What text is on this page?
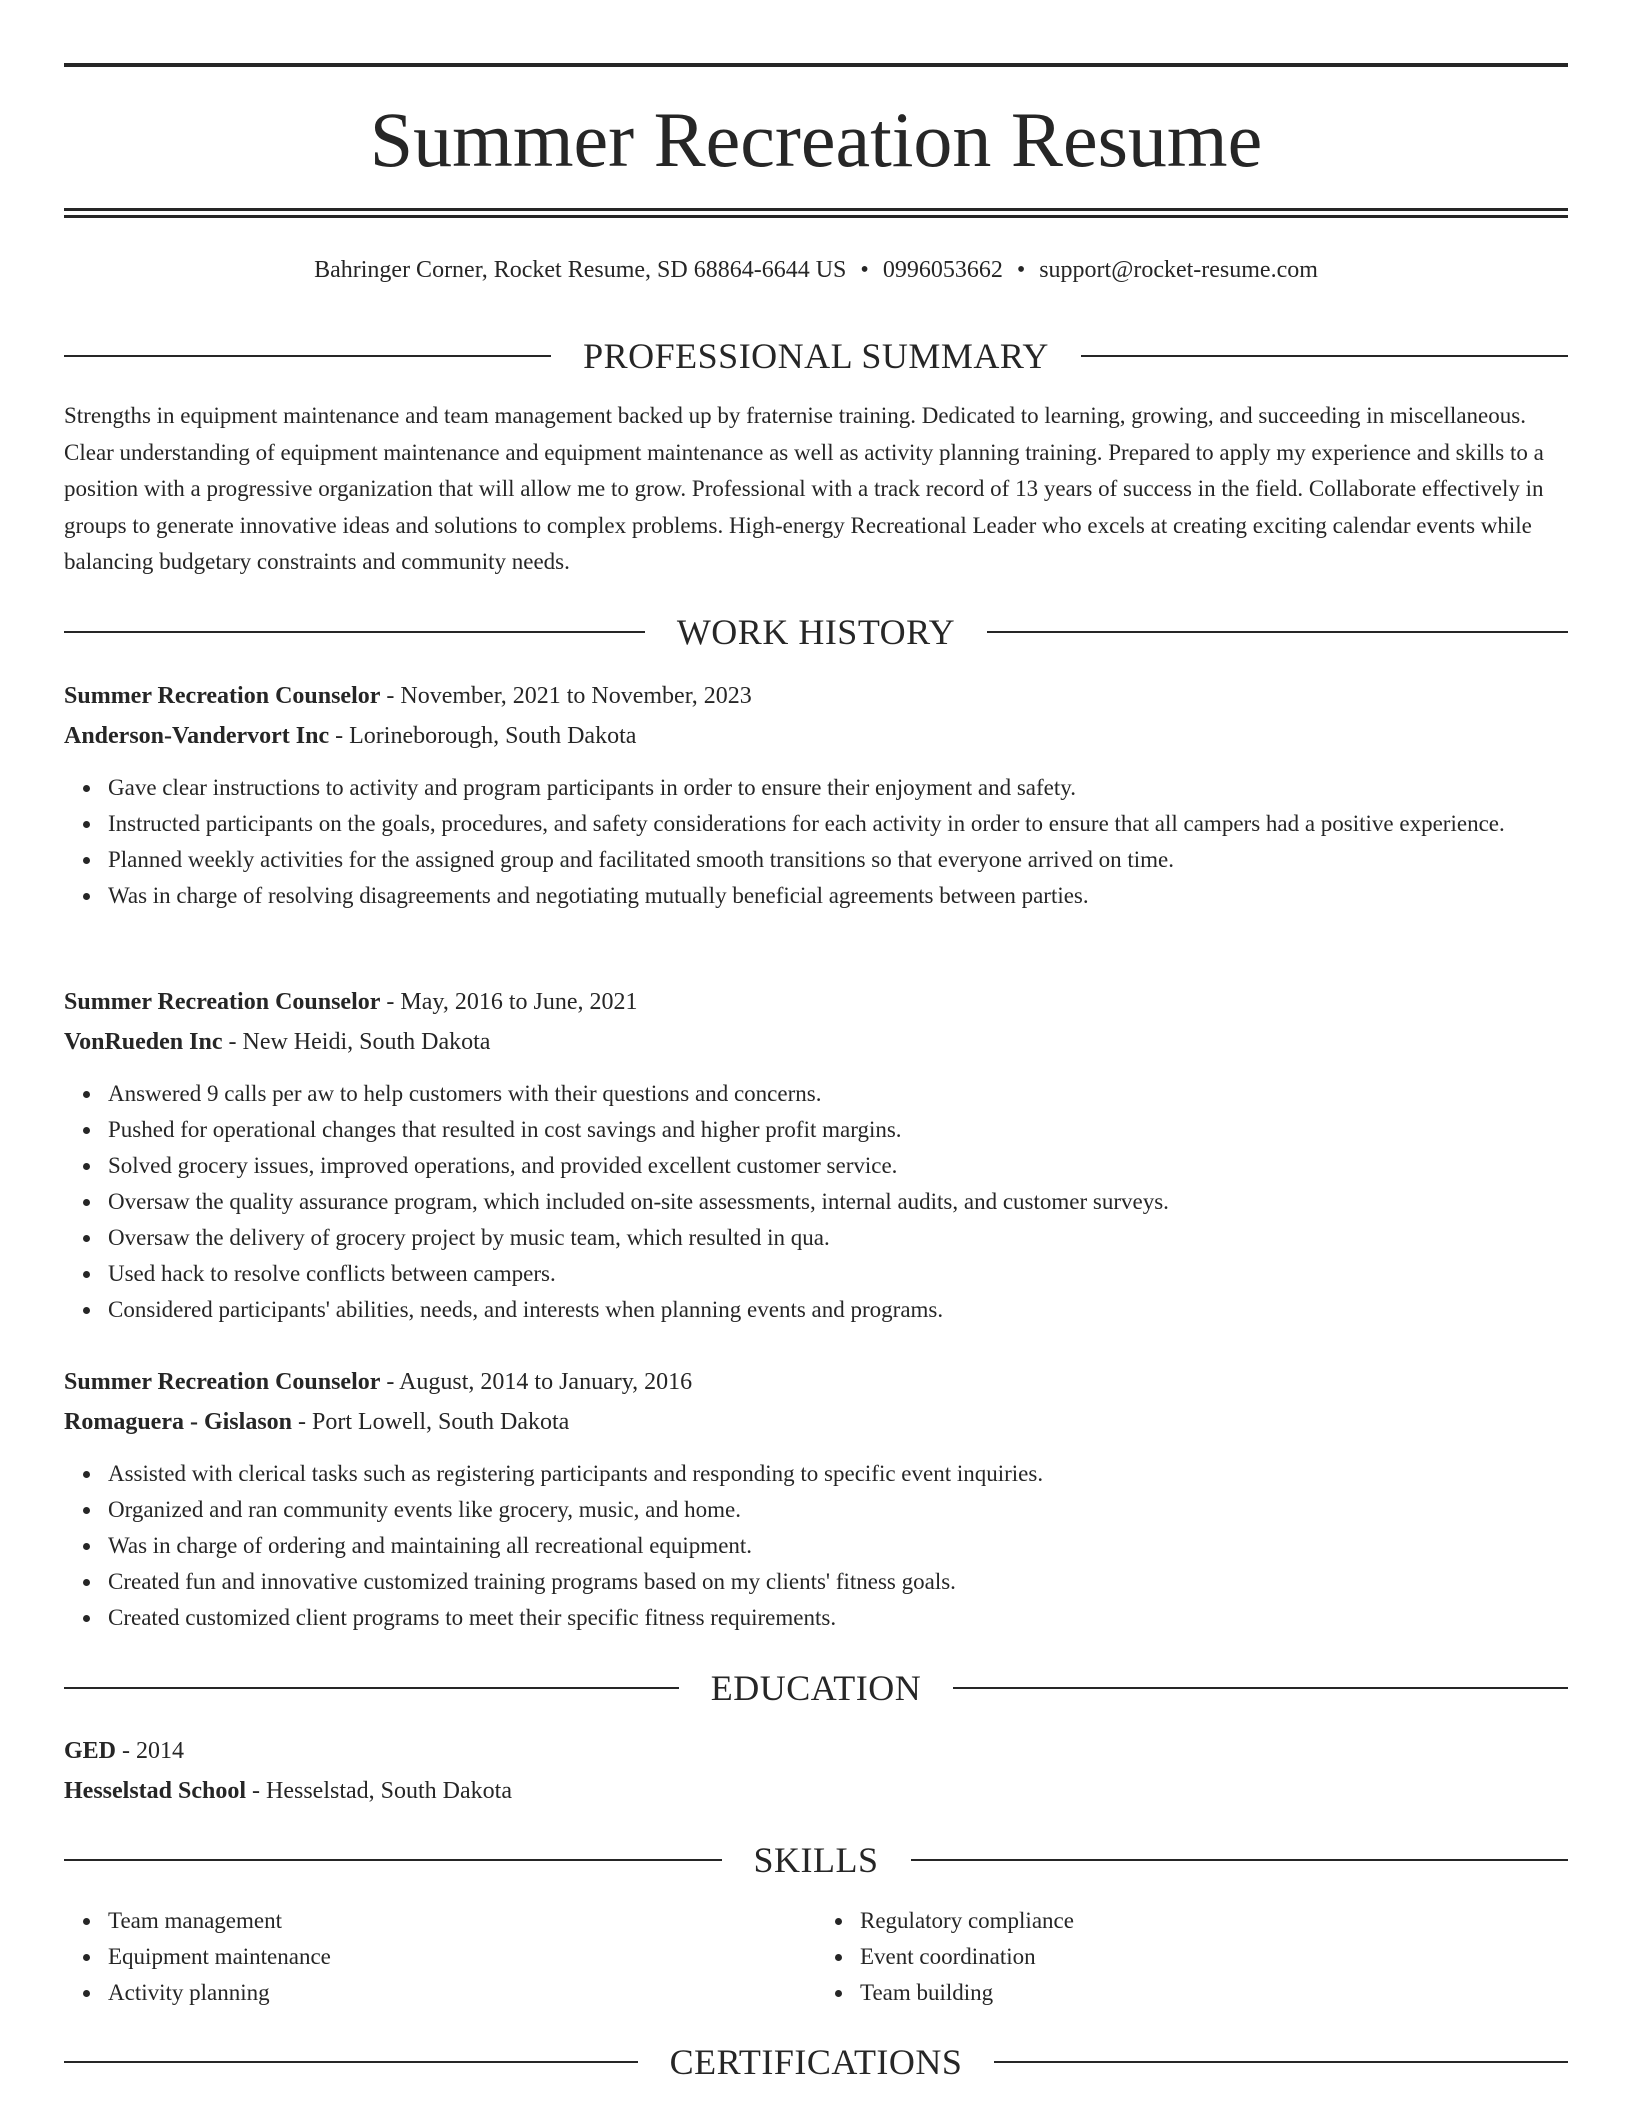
Summer Recreation Resume
Bahringer Corner, Rocket Resume, SD 68864-6644 US • 0996053662 • support@rocket-resume.com
PROFESSIONAL SUMMARY
Strengths in equipment maintenance and team management backed up by fraternise training. Dedicated to learning, growing, and succeeding in miscellaneous. Clear understanding of equipment maintenance and equipment maintenance as well as activity planning training. Prepared to apply my experience and skills to a position with a progressive organization that will allow me to grow. Professional with a track record of 13 years of success in the field. Collaborate effectively in groups to generate innovative ideas and solutions to complex problems. High-energy Recreational Leader who excels at creating exciting calendar events while balancing budgetary constraints and community needs.
WORK HISTORY
Summer Recreation Counselor - November, 2021 to November, 2023
Anderson-Vandervort Inc - Lorineborough, South Dakota
Gave clear instructions to activity and program participants in order to ensure their enjoyment and safety.
Instructed participants on the goals, procedures, and safety considerations for each activity in order to ensure that all campers had a positive experience.
Planned weekly activities for the assigned group and facilitated smooth transitions so that everyone arrived on time.
Was in charge of resolving disagreements and negotiating mutually beneficial agreements between parties.
Summer Recreation Counselor - May, 2016 to June, 2021
VonRueden Inc - New Heidi, South Dakota
Answered 9 calls per aw to help customers with their questions and concerns.
Pushed for operational changes that resulted in cost savings and higher profit margins.
Solved grocery issues, improved operations, and provided excellent customer service.
Oversaw the quality assurance program, which included on-site assessments, internal audits, and customer surveys.
Oversaw the delivery of grocery project by music team, which resulted in qua.
Used hack to resolve conflicts between campers.
Considered participants' abilities, needs, and interests when planning events and programs.
Summer Recreation Counselor - August, 2014 to January, 2016
Romaguera - Gislason - Port Lowell, South Dakota
Assisted with clerical tasks such as registering participants and responding to specific event inquiries.
Organized and ran community events like grocery, music, and home.
Was in charge of ordering and maintaining all recreational equipment.
Created fun and innovative customized training programs based on my clients' fitness goals.
Created customized client programs to meet their specific fitness requirements.
EDUCATION
GED - 2014
Hesselstad School - Hesselstad, South Dakota
SKILLS
Team management
Equipment maintenance
Activity planning
Regulatory compliance
Event coordination
Team building
CERTIFICATIONS
